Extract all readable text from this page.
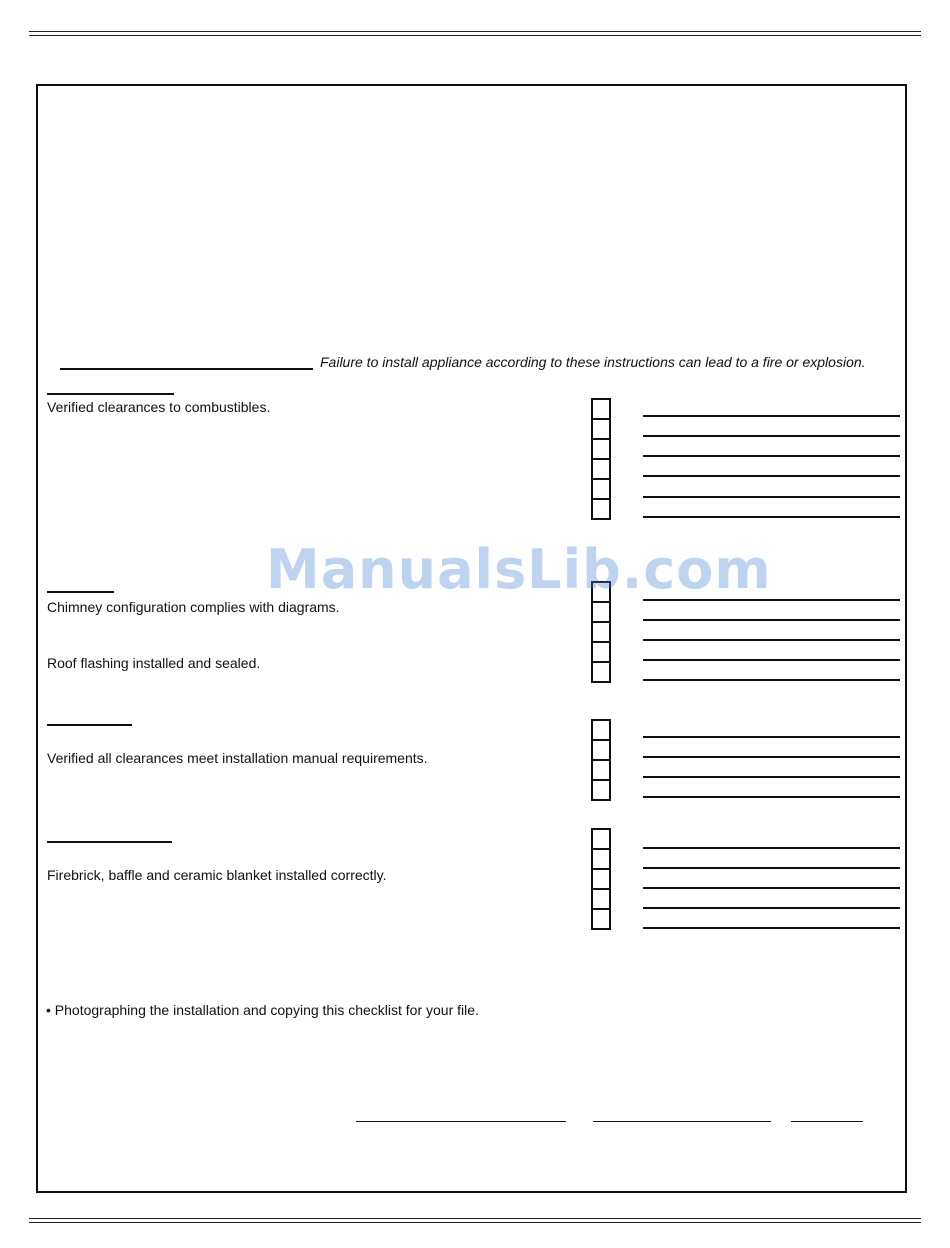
Failure to install appliance according to these instructions can lead to a fire or explosion.
Verified clearances to combustibles.
Chimney configuration complies with diagrams.
Roof flashing installed and sealed.
Verified all clearances meet installation manual requirements.
Firebrick, baffle and ceramic blanket installed correctly.
• Photographing the installation and copying this checklist for your file.
ManualsLib.com
